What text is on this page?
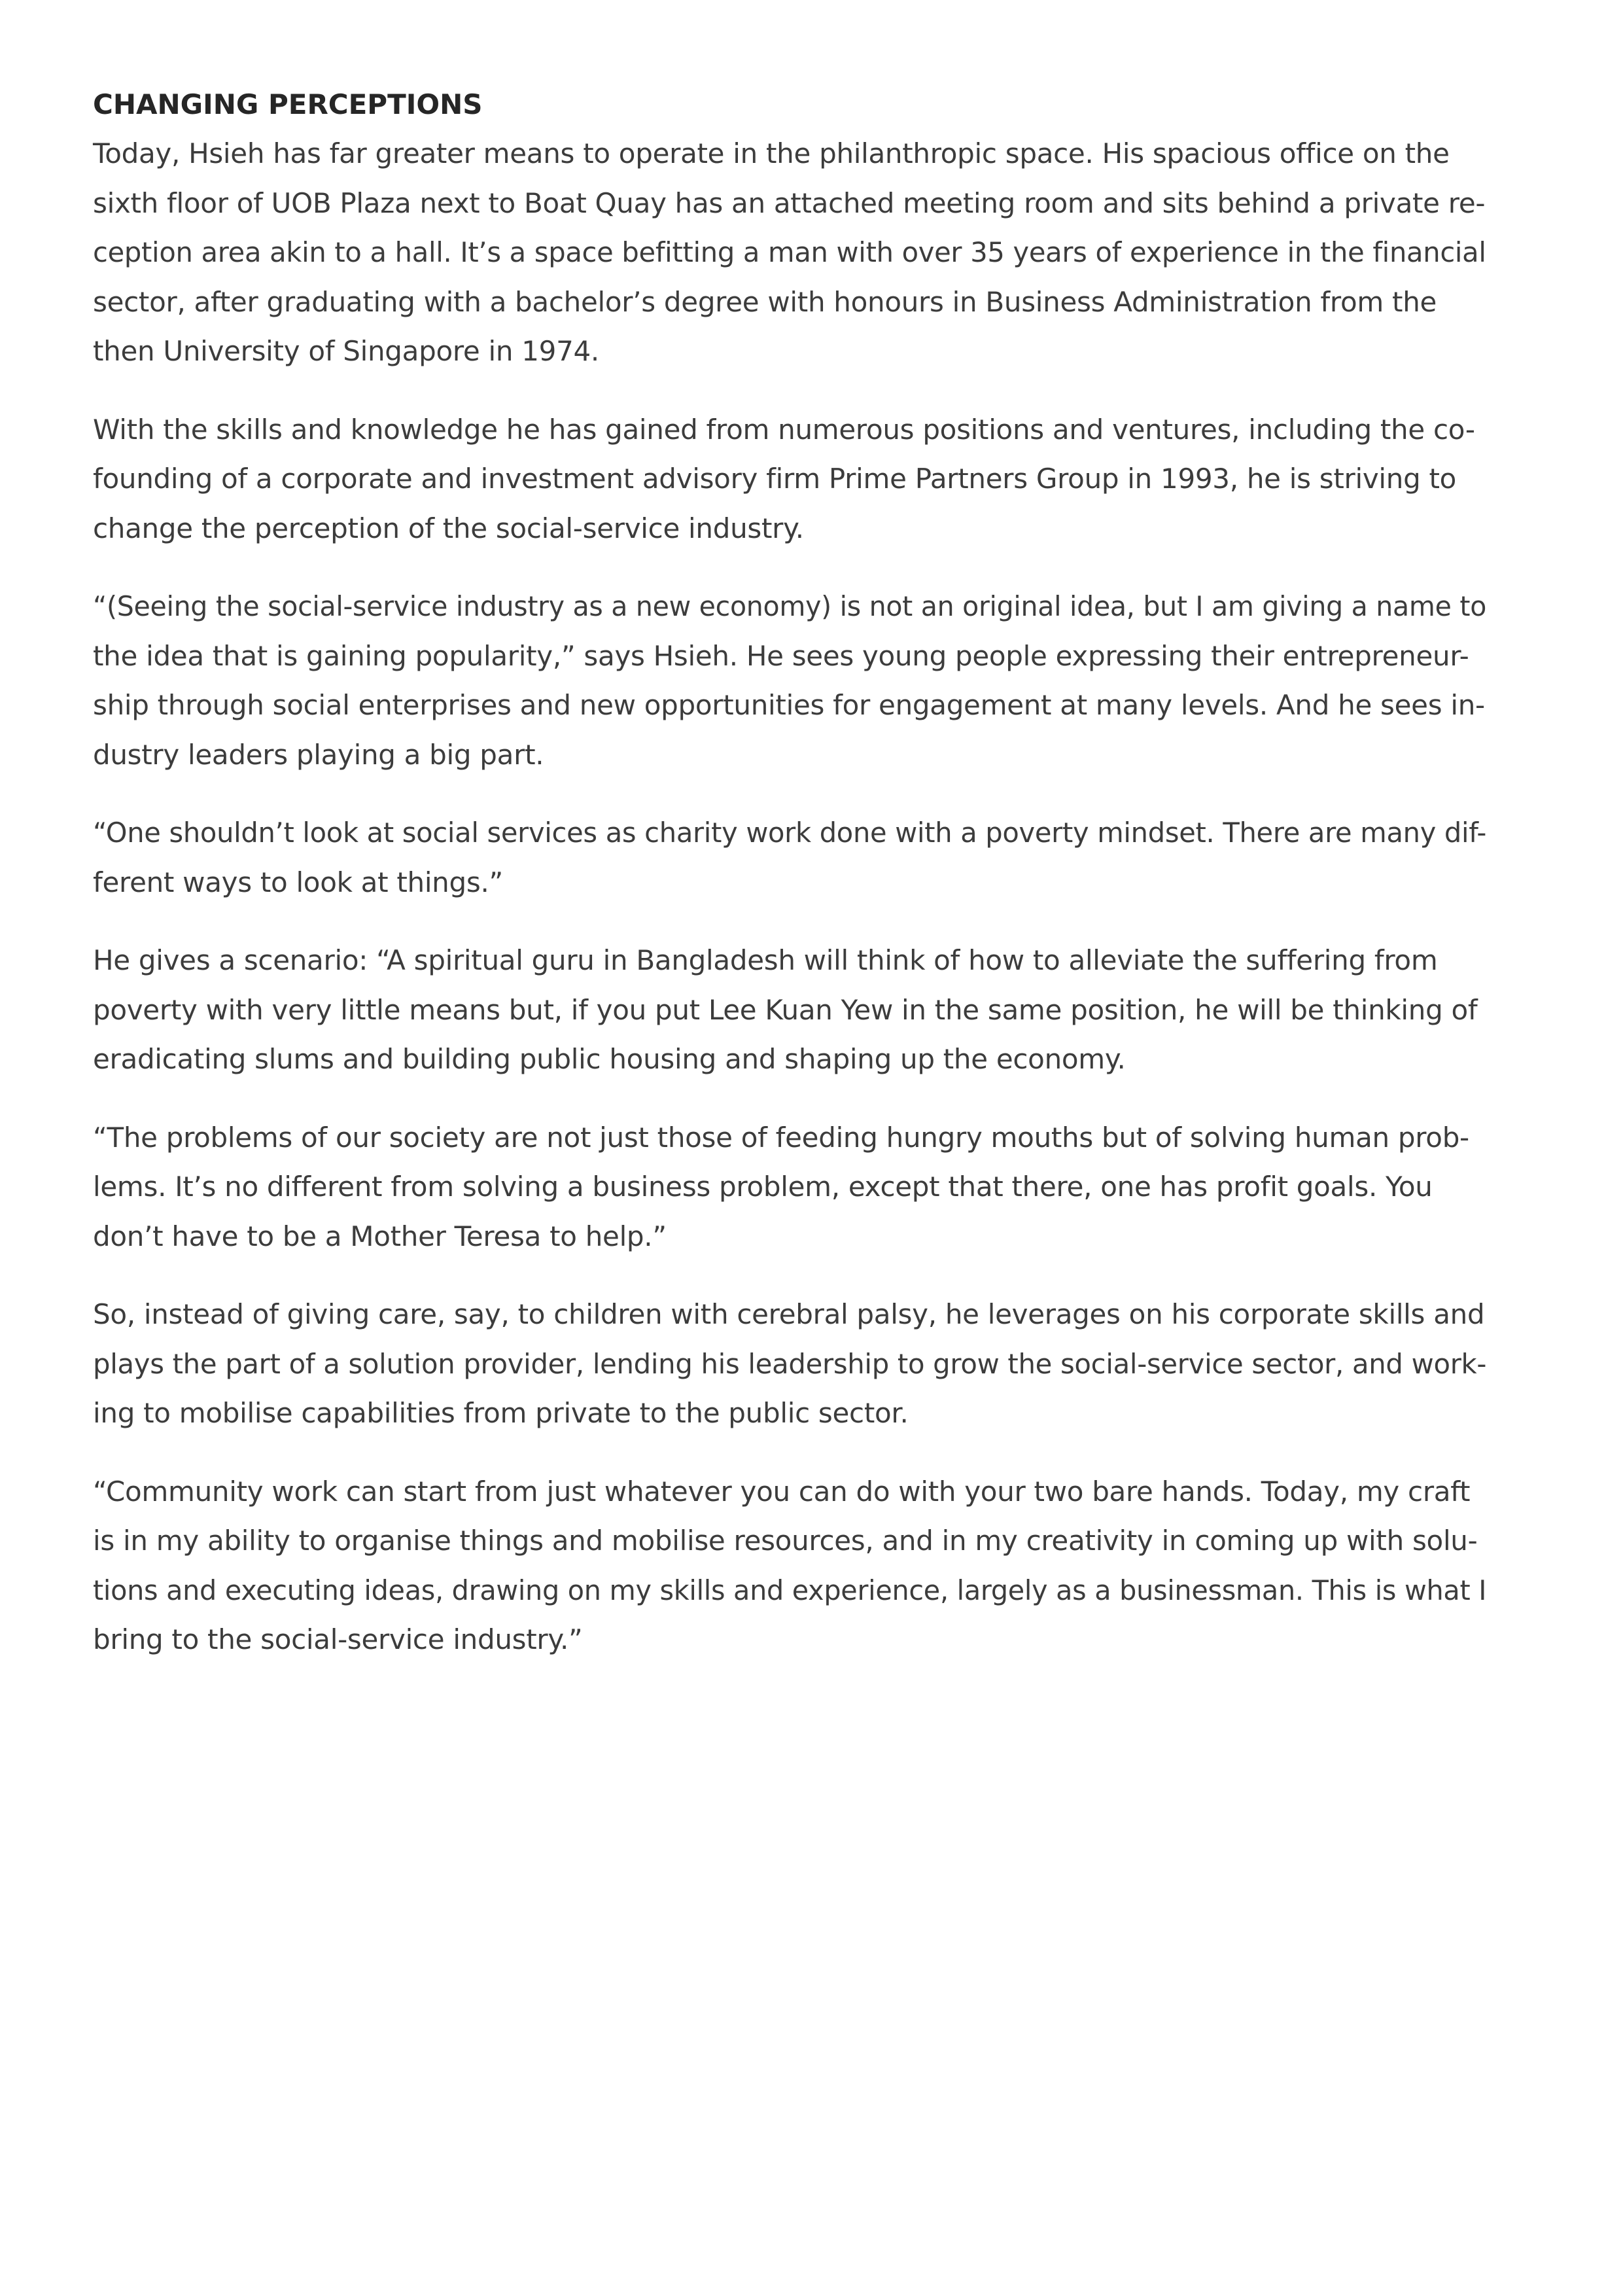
CHANGING PERCEPTIONS

Today, Hsieh has far greater means to operate in the philanthropic space. His spacious office on the
sixth floor of UOB Plaza next to Boat Quay has an attached meeting room and sits behind a private re-
ception area akin to a hall. It’s a space befitting a man with over 35 years of experience in the financial
sector, after graduating with a bachelor’s degree with honours in Business Administration from the
then University of Singapore in 1974.

With the skills and knowledge he has gained from numerous positions and ventures, including the co-
founding of a corporate and investment advisory firm Prime Partners Group in 1993, he is striving to
change the perception of the social-service industry.

“(Seeing the social-service industry as a new economy) is not an original idea, but I am giving a name to
the idea that is gaining popularity,” says Hsieh. He sees young people expressing their entrepreneur-
ship through social enterprises and new opportunities for engagement at many levels. And he sees in-
dustry leaders playing a big part.

“One shouldn’t look at social services as charity work done with a poverty mindset. There are many dif-
ferent ways to look at things.”

He gives a scenario: “A spiritual guru in Bangladesh will think of how to alleviate the suffering from
poverty with very little means but, if you put Lee Kuan Yew in the same position, he will be thinking of
eradicating slums and building public housing and shaping up the economy.

“The problems of our society are not just those of feeding hungry mouths but of solving human prob-
lems. It’s no different from solving a business problem, except that there, one has profit goals. You
don’t have to be a Mother Teresa to help.”

So, instead of giving care, say, to children with cerebral palsy, he leverages on his corporate skills and
plays the part of a solution provider, lending his leadership to grow the social-service sector, and work-
ing to mobilise capabilities from private to the public sector.

“Community work can start from just whatever you can do with your two bare hands. Today, my craft
is in my ability to organise things and mobilise resources, and in my creativity in coming up with solu-
tions and executing ideas, drawing on my skills and experience, largely as a businessman. This is what I
bring to the social-service industry.”
